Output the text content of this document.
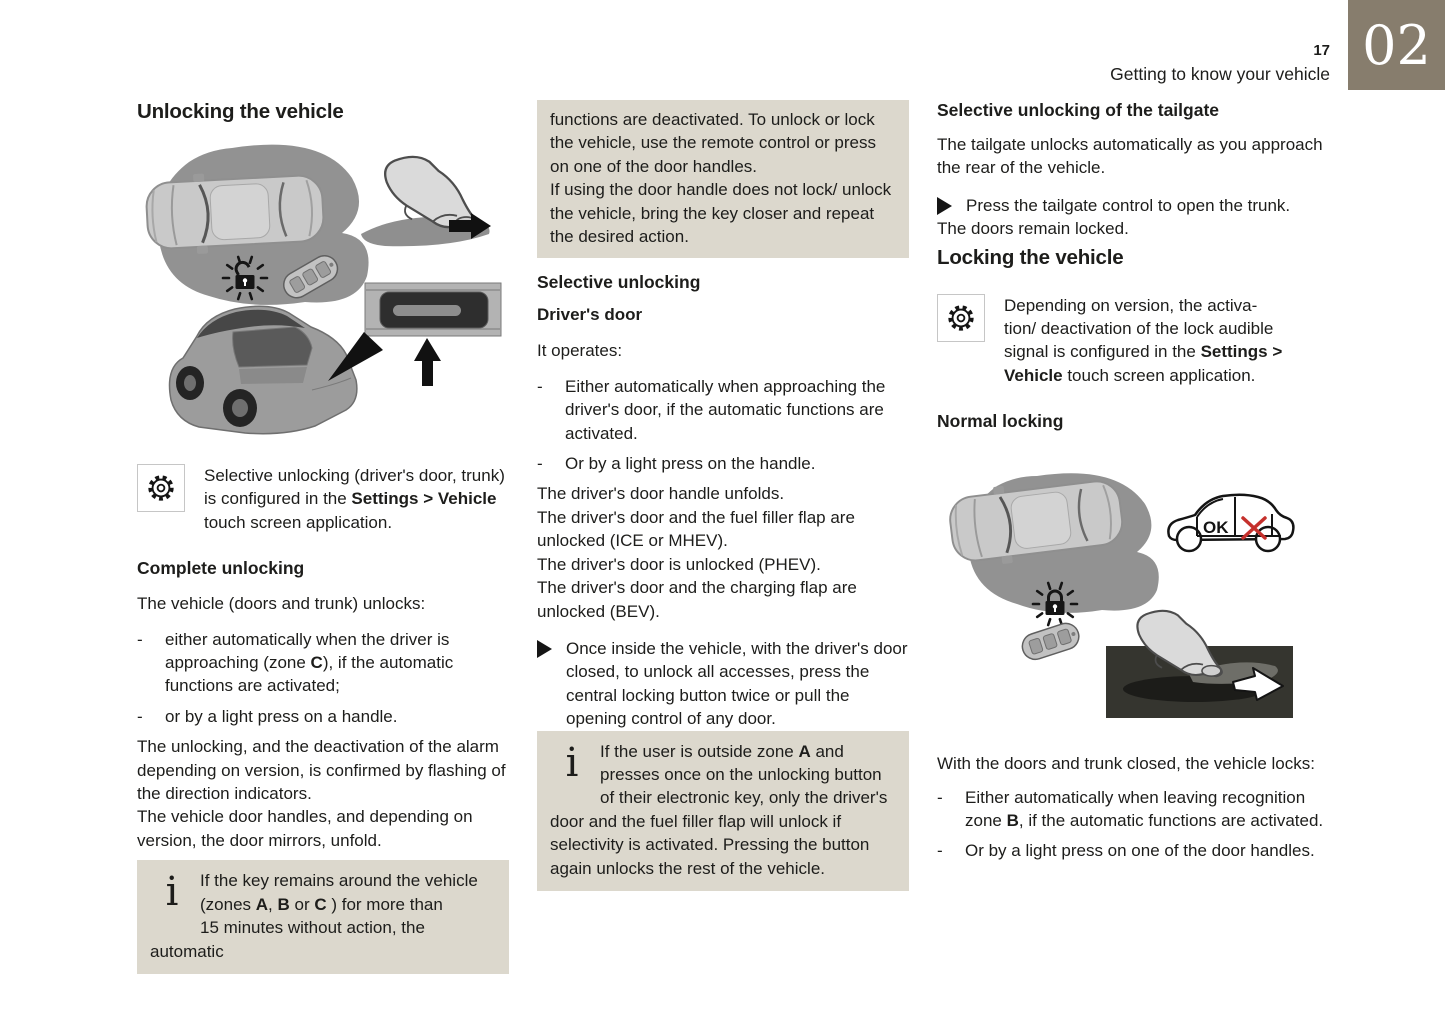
17
Getting to know your vehicle 02
Unlocking the vehicle

Selective unlocking (driver's door, trunk) is configured in the Settings > Vehicle touch screen application.

Complete unlocking

The vehicle (doors and trunk) unlocks:

-	either automatically when the driver is approaching (zone C), if the automatic functions are activated;
-	or by a light press on a handle.

The unlocking, and the deactivation of the alarm depending on version, is confirmed by flashing of the direction indicators.

The vehicle door handles, and depending on version, the door mirrors, unfold.

i	If the key remains around the vehicle
(zones A, B or C ) for more than
15 minutes without action, the automatic

functions are deactivated. To unlock or lock the vehicle, use the remote control or press on one of the door handles.

If using the door handle does not lock/ unlock the vehicle, bring the key closer and repeat the desired action.

Selective unlocking
Driver's door

It operates:

-	Either automatically when approaching the driver's door, if the automatic functions are activated.
-	Or by a light press on the handle.

The driver's door handle unfolds.

The driver's door and the fuel filler flap are unlocked (ICE or MHEV).

The driver's door is unlocked (PHEV).

The driver's door and the charging flap are unlocked (BEV).

Once inside the vehicle, with the driver's door closed, to unlock all accesses, press the central locking button twice or pull the opening control of any door.
i	If the user is outside zone A and presses once on the unlocking button of their electronic key, only the driver's door and the fuel filler flap will unlock if selectivity is activated. Pressing the button again unlocks the rest of the vehicle.

Selective unlocking of the tailgate

The tailgate unlocks automatically as you approach the rear of the vehicle.

Press the tailgate control to open the trunk.

The doors remain locked.

Locking the vehicle

Depending on version, the activa-
tion/ deactivation of the lock audible
signal is configured in the Settings >
Vehicle touch screen application.

Normal locking
OK

With the doors and trunk closed, the vehicle locks:

-	Either automatically when leaving recognition zone B, if the automatic functions are activated.
-	Or by a light press on one of the door handles.
